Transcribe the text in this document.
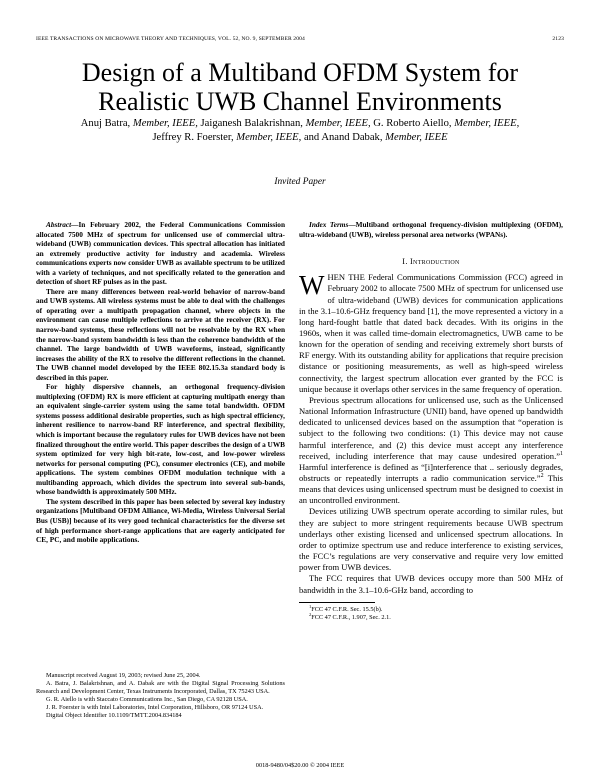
IEEE TRANSACTIONS ON MICROWAVE THEORY AND TECHNIQUES, VOL. 52, NO. 9, SEPTEMBER 2004	2123
Design of a Multiband OFDM System for
Realistic UWB Channel Environments
Anuj Batra, Member, IEEE, Jaiganesh Balakrishnan, Member, IEEE, G. Roberto Aiello, Member, IEEE,
Jeffrey R. Foerster, Member, IEEE, and Anand Dabak, Member, IEEE
Invited Paper

Abstract—In February 2002, the Federal Communications Commission allocated 7500 MHz of spectrum for unlicensed use of commercial ultra-wideband (UWB) communication devices. This spectral allocation has initiated an extremely productive activity for industry and academia. Wireless communications experts now consider UWB as available spectrum to be utilized with a variety of techniques, and not specifically related to the generation and detection of short RF pulses as in the past.

There are many differences between real-world behavior of narrow-band and UWB systems. All wireless systems must be able to deal with the challenges of operating over a multipath propagation channel, where objects in the environment can cause multiple reflections to arrive at the receiver (RX). For narrow-band systems, these reflections will not be resolvable by the RX when the narrow-band system bandwidth is less than the coherence bandwidth of the channel. The large bandwidth of UWB waveforms, instead, significantly increases the ability of the RX to resolve the different reflections in the channel. The UWB channel model developed by the IEEE 802.15.3a standard body is described in this paper.

For highly dispersive channels, an orthogonal frequency-division multiplexing (OFDM) RX is more efficient at capturing multipath energy than an equivalent single-carrier system using the same total bandwidth. OFDM systems possess additional desirable properties, such as high spectral efficiency, inherent resilience to narrow-band RF interference, and spectral flexibility, which is important because the regulatory rules for UWB devices have not been finalized throughout the entire world. This paper describes the design of a UWB system optimized for very high bit-rate, low-cost, and low-power wireless networks for personal computing (PC), consumer electronics (CE), and mobile applications. The system combines OFDM modulation technique with a multibanding approach, which divides the spectrum into several sub-bands, whose bandwidth is approximately 500 MHz.

The system described in this paper has been selected by several key industry organizations [Multiband OFDM Alliance, Wi-Media, Wireless Universal Serial Bus (USB)] because of its very good technical characteristics for the diverse set of high performance short-range applications that are eagerly anticipated for CE, PC, and mobile applications.

Manuscript received August 19, 2003; revised June 25, 2004.

A. Batra, J. Balakrishnan, and A. Dabak are with the Digital Signal Processing Solutions Research and Development Center, Texas Instruments Incorporated, Dallas, TX 75243 USA.

G. R. Aiello is with Staccato Communications Inc., San Diego, CA 92128 USA.

J. R. Foerster is with Intel Laboratories, Intel Corporation, Hillsboro, OR 97124 USA.

Digital Object Identifier 10.1109/TMTT.2004.834184

Index Terms—Multiband orthogonal frequency-division multiplexing (OFDM), ultra-wideband (UWB), wireless personal area networks (WPANs).

I. Introduction

WHEN THE Federal Communications Commission (FCC) agreed in February 2002 to allocate 7500 MHz of spectrum for unlicensed use of ultra-wideband (UWB) devices for communication applications in the 3.1–10.6-GHz frequency band [1], the move represented a victory in a long hard-fought battle that dated back decades. With its origins in the 1960s, when it was called time-domain electromagnetics, UWB came to be known for the operation of sending and receiving extremely short bursts of RF energy. With its outstanding ability for applications that require precision distance or positioning measurements, as well as high-speed wireless connectivity, the largest spectrum allocation ever granted by the FCC is unique because it overlaps other services in the same frequency of operation.

Previous spectrum allocations for unlicensed use, such as the Unlicensed National Information Infrastructure (UNII) band, have opened up bandwidth dedicated to unlicensed devices based on the assumption that “operation is subject to the following two conditions: (1) This device may not cause harmful interference, and (2) this device must accept any interference received, including interference that may cause undesired operation.”$^1$ Harmful interference is defined as “[i]nterference that .. seriously degrades, obstructs or repeatedly interrupts a radio communication service.”$^2$ This means that devices using unlicensed spectrum must be designed to coexist in an uncontrolled environment.

Devices utilizing UWB spectrum operate according to similar rules, but they are subject to more stringent requirements because UWB spectrum underlays other existing licensed and unlicensed spectrum allocations. In order to optimize spectrum use and reduce interference to existing services, the FCC’s regulations are very conservative and require very low emitted power from UWB devices.

The FCC requires that UWB devices occupy more than 500 MHz of bandwidth in the 3.1–10.6-GHz band, according to

$^1$FCC 47 C.F.R. Sec. 15.5(b).
$^2$FCC 47 C.F.R., 1.907, Sec. 2.1.
0018-9480/04$20.00 © 2004 IEEE
